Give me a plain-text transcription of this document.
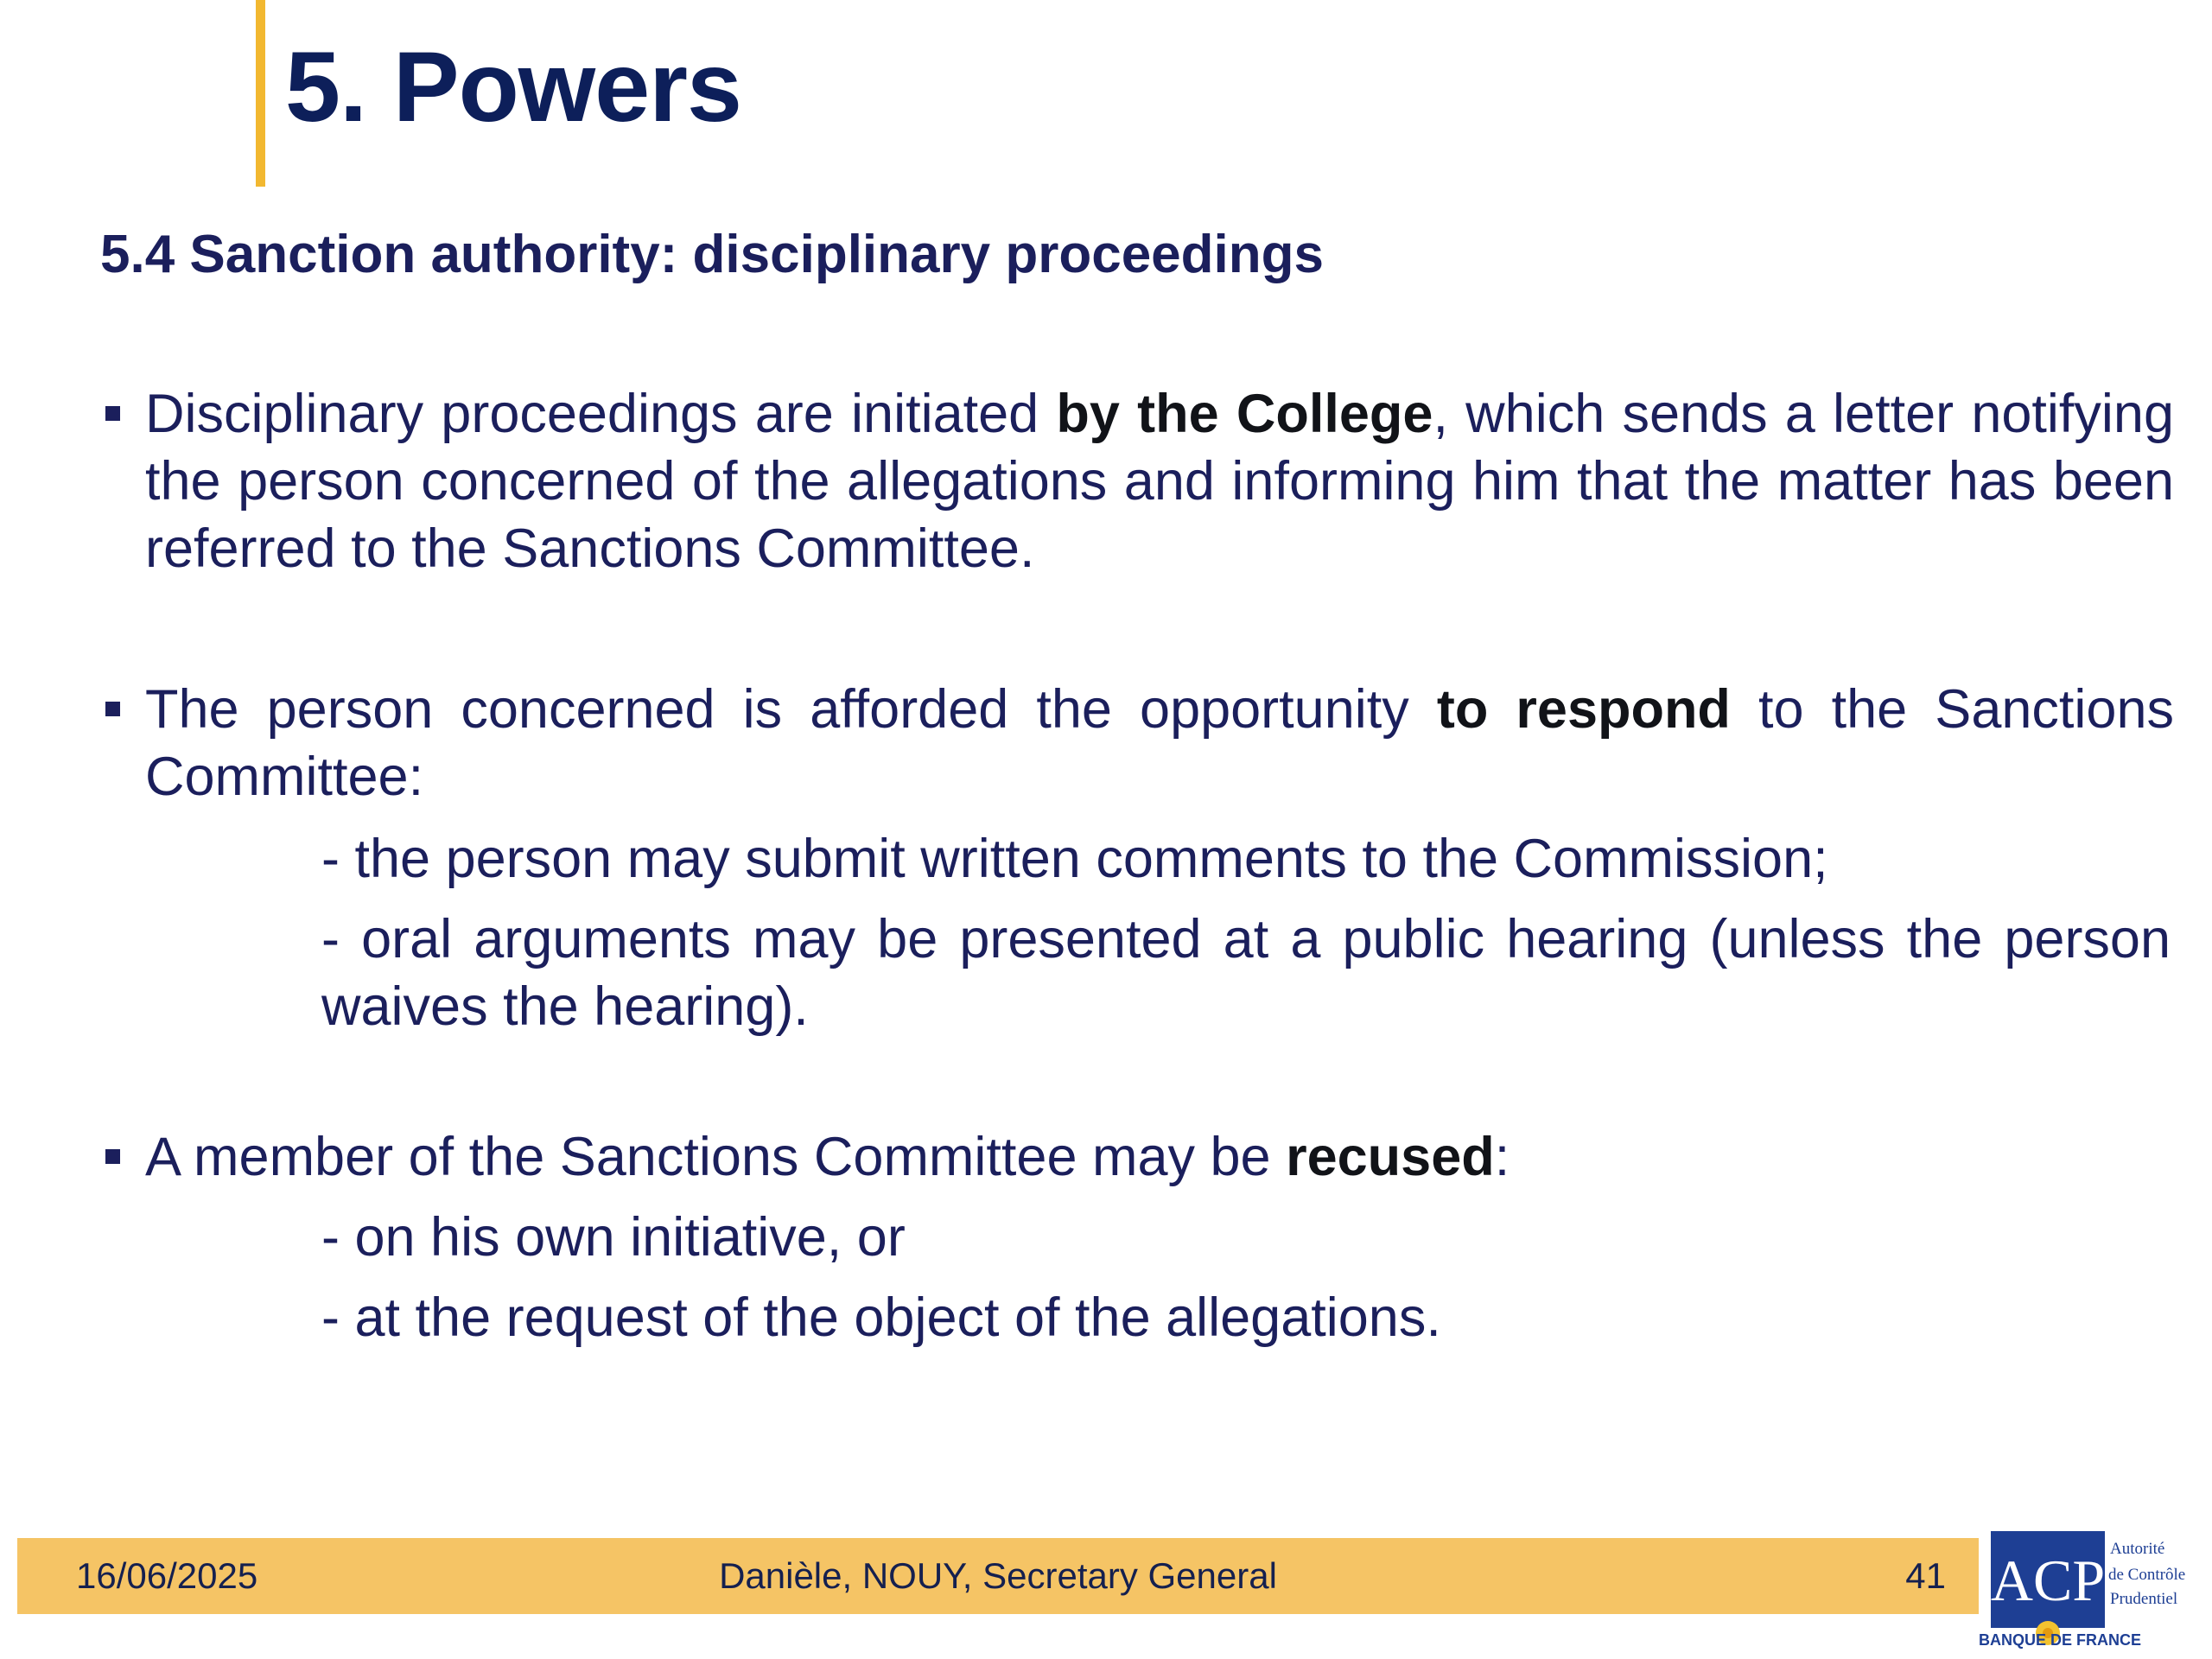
5. Powers
5.4 Sanction authority: disciplinary proceedings
Disciplinary proceedings are initiated by the College, which sends a letter notifying the person concerned of the allegations and informing him that the matter has been referred to the Sanctions Committee.
The person concerned is afforded the opportunity to respond to the Sanctions Committee:
- the person may submit written comments to the Commission;
- oral arguments may be presented at a public hearing (unless the person waives the hearing).
A member of the Sanctions Committee may be recused:
- on his own initiative, or
- at the request of the object of the allegations.
16/06/2025	Danièle, NOUY, Secretary General	41 ACP Autorité
de Contrôle
Prudentiel
BANQUE DE FRANCE
